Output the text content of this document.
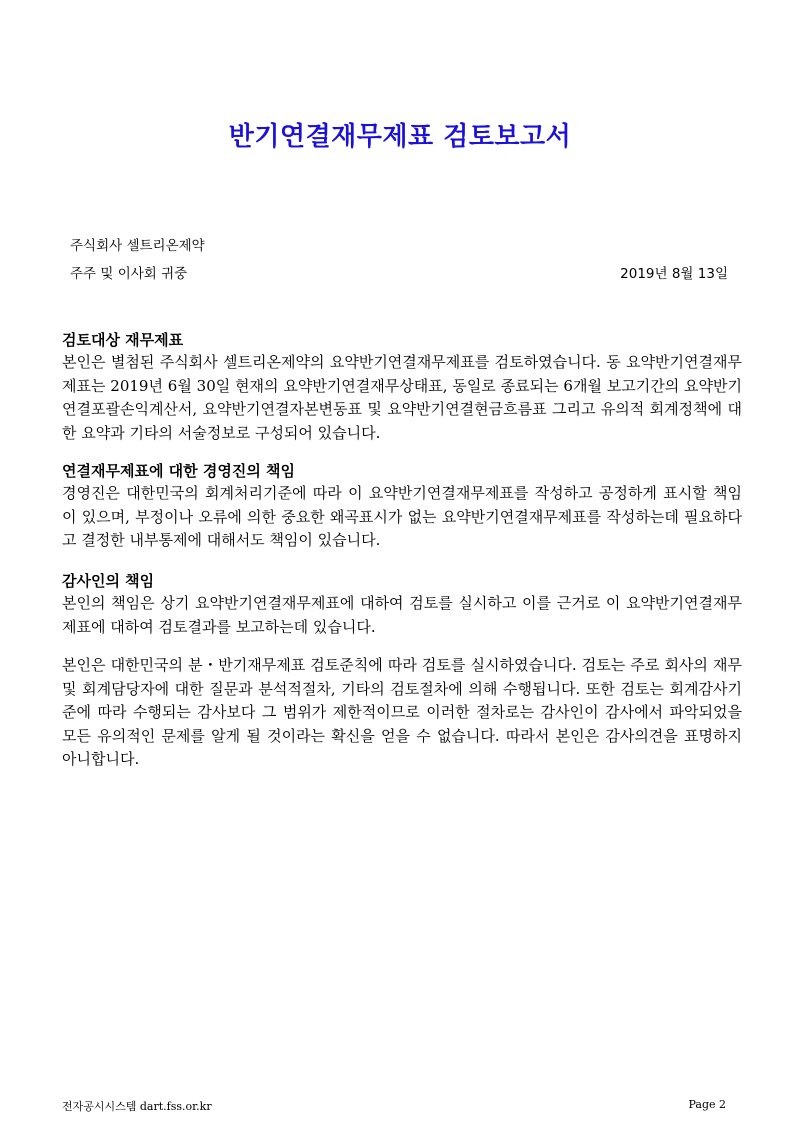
반기연결재무제표 검토보고서
주식회사 셀트리온제약
주주 및 이사회 귀중	2019년 8월 13일
검토대상 재무제표

본인은 별첨된 주식회사 셀트리온제약의 요약반기연결재무제표를 검토하였습니다. 동 요약반기연결재무제표는 2019년 6월 30일 현재의 요약반기연결재무상태표, 동일로 종료되는 6개월 보고기간의 요약반기연결포괄손익계산서, 요약반기연결자본변동표 및 요약반기연결현금흐름표 그리고 유의적 회계정책에 대한 요약과 기타의 서술정보로 구성되어 있습니다.

연결재무제표에 대한 경영진의 책임

경영진은 대한민국의 회계처리기준에 따라 이 요약반기연결재무제표를 작성하고 공정하게 표시할 책임이 있으며, 부정이나 오류에 의한 중요한 왜곡표시가 없는 요약반기연결재무제표를 작성하는데 필요하다고 결정한 내부통제에 대해서도 책임이 있습니다.

감사인의 책임

본인의 책임은 상기 요약반기연결재무제표에 대하여 검토를 실시하고 이를 근거로 이 요약반기연결재무제표에 대하여 검토결과를 보고하는데 있습니다.

본인은 대한민국의 분・반기재무제표 검토준칙에 따라 검토를 실시하였습니다. 검토는 주로 회사의 재무 및 회계담당자에 대한 질문과 분석적절차, 기타의 검토절차에 의해 수행됩니다. 또한 검토는 회계감사기준에 따라 수행되는 감사보다 그 범위가 제한적이므로 이러한 절차로는 감사인이 감사에서 파악되었을 모든 유의적인 문제를 알게 될 것이라는 확신을 얻을 수 없습니다. 따라서 본인은 감사의견을 표명하지 아니합니다.

전자공시시스템 dart.fss.or.kr	Page 2
